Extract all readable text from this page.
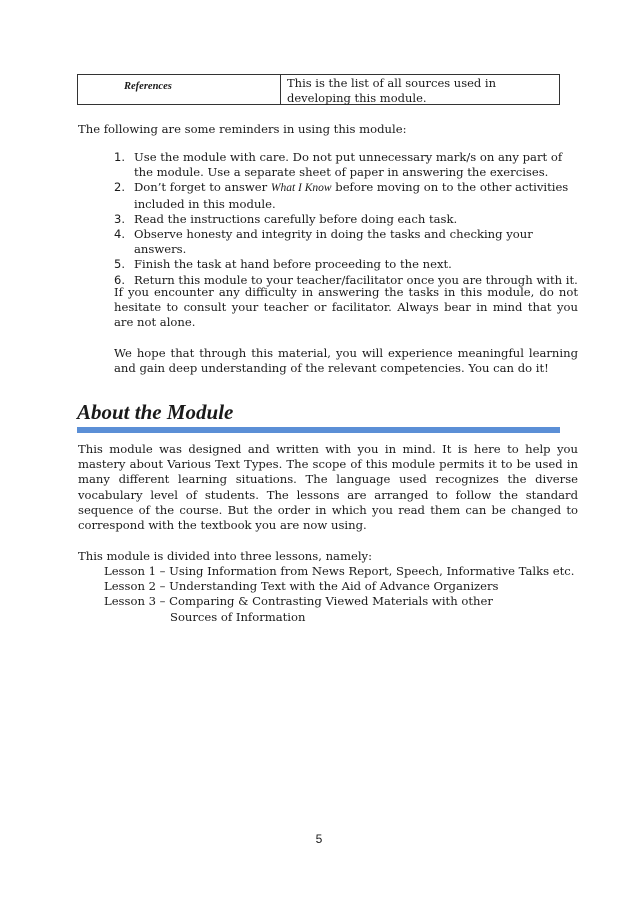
References	This is the list of all sources used in developing this module.
The following are some reminders in using this module:
1. Use the module with care. Do not put unnecessary mark/s on any part of the module. Use a separate sheet of paper in answering the exercises.
2. Don’t forget to answer What I Know before moving on to the other activities included in this module.
3. Read the instructions carefully before doing each task.
4. Observe honesty and integrity in doing the tasks and checking your answers.
5. Finish the task at hand before proceeding to the next.
6. Return this module to your teacher/facilitator once you are through with it.
If you encounter any difficulty in answering the tasks in this module, do not hesitate to consult your teacher or facilitator. Always bear in mind that you are not alone.
We hope that through this material, you will experience meaningful learning and gain deep understanding of the relevant competencies. You can do it!
About the Module
This module was designed and written with you in mind. It is here to help you mastery about Various Text Types. The scope of this module permits it to be used in many different learning situations. The language used recognizes the diverse vocabulary level of students. The lessons are arranged to follow the standard sequence of the course. But the order in which you read them can be changed to correspond with the textbook you are now using.
This module is divided into three lessons, namely:
Lesson 1 – Using Information from News Report, Speech, Informative Talks etc.
Lesson 2 – Understanding Text with the Aid of Advance Organizers
Lesson 3 – Comparing & Contrasting Viewed Materials with other
Sources of Information
5
